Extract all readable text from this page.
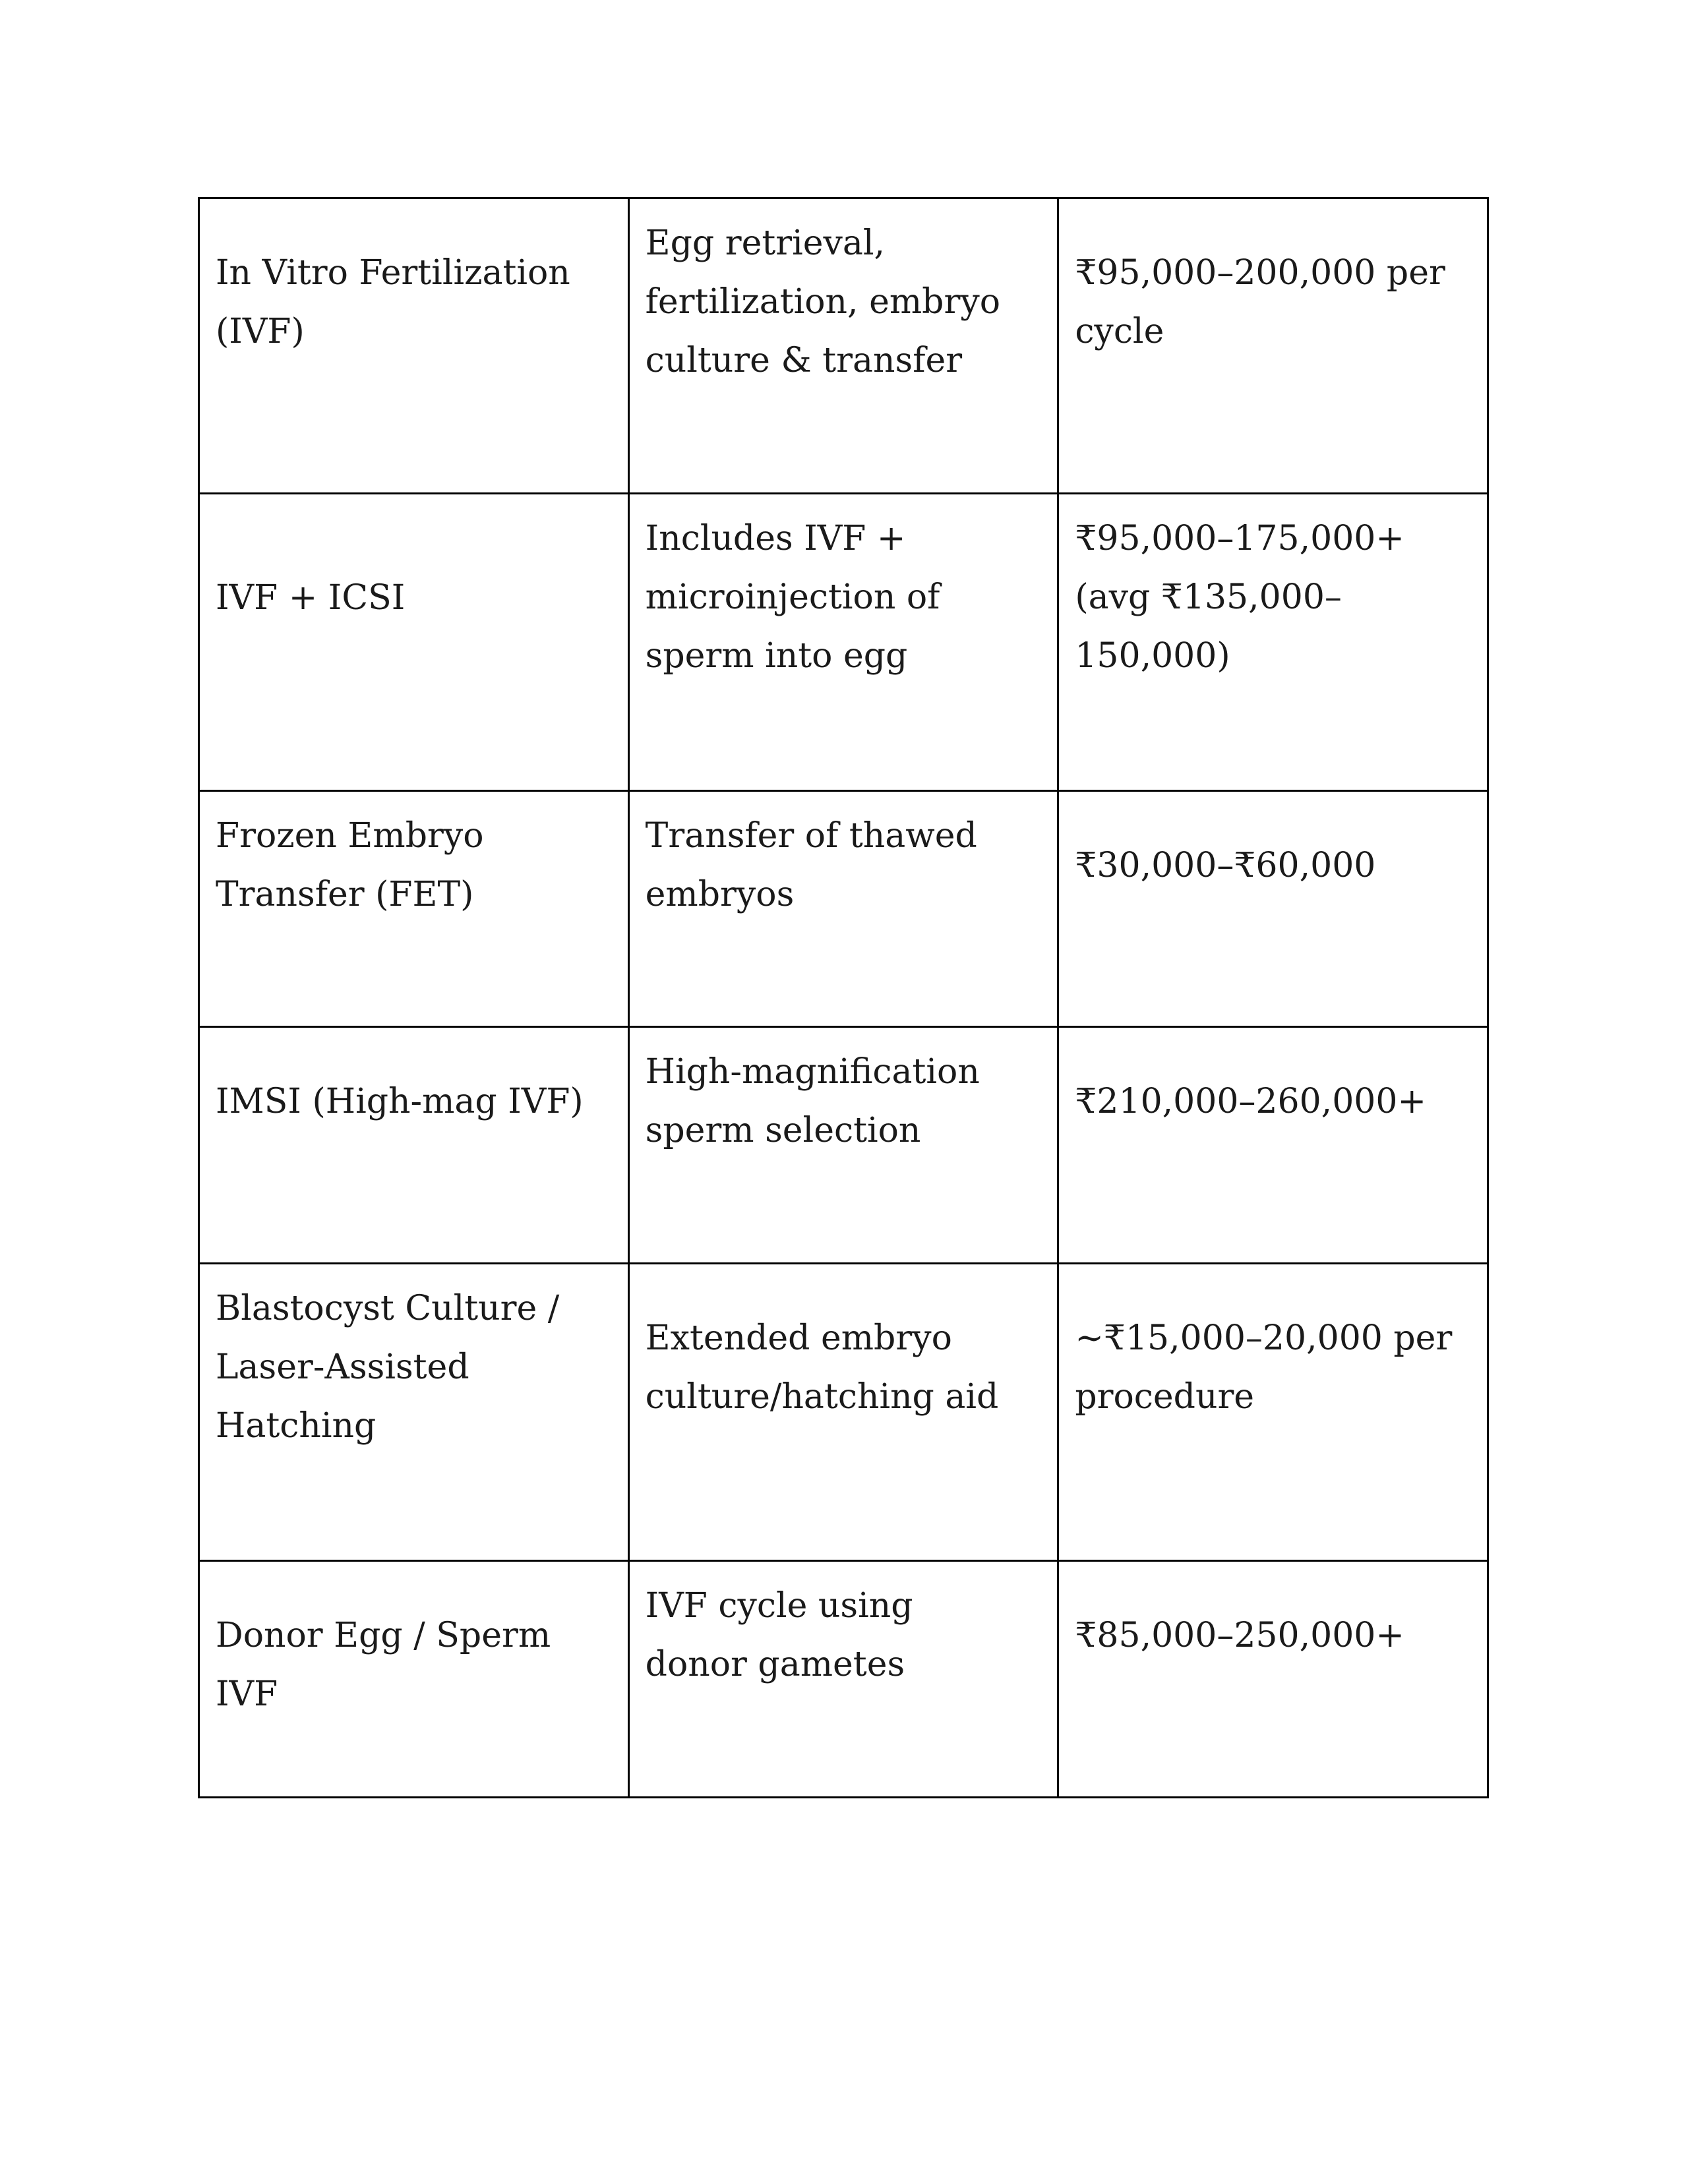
In Vitro Fertilization (IVF)	Egg retrieval, fertilization, embryo culture & transfer	₹95,000–200,000 per cycle

IVF + ICSI	Includes IVF + microinjection of sperm into egg	₹95,000–175,000+ (avg ₹135,000–150,000)

Frozen Embryo Transfer (FET)	Transfer of thawed embryos	₹30,000–₹60,000

IMSI (High-mag IVF)	High-magnification sperm selection	₹210,000–260,000+

Blastocyst Culture / Laser-Assisted Hatching	Extended embryo culture/hatching aid	~₹15,000–20,000 per procedure

Donor Egg / Sperm IVF	IVF cycle using donor gametes	₹85,000–250,000+
